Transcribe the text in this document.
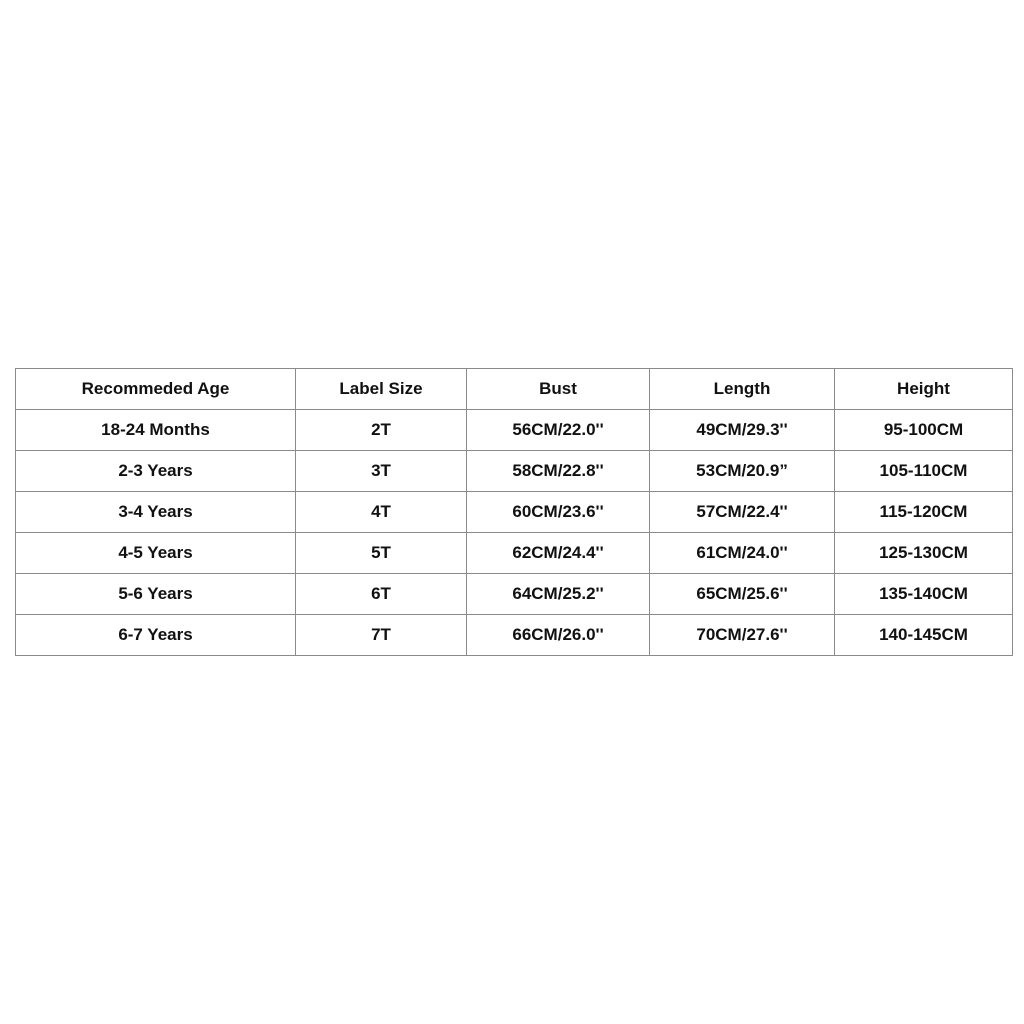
Recommeded Age	Label Size	Bust	Length	Height
18-24 Months	2T	56CM/22.0''	49CM/29.3''	95-100CM
2-3 Years	3T	58CM/22.8''	53CM/20.9”	105-110CM
3-4 Years	4T	60CM/23.6''	57CM/22.4''	115-120CM
4-5 Years	5T	62CM/24.4''	61CM/24.0''	125-130CM
5-6 Years	6T	64CM/25.2''	65CM/25.6''	135-140CM
6-7 Years	7T	66CM/26.0''	70CM/27.6''	140-145CM
